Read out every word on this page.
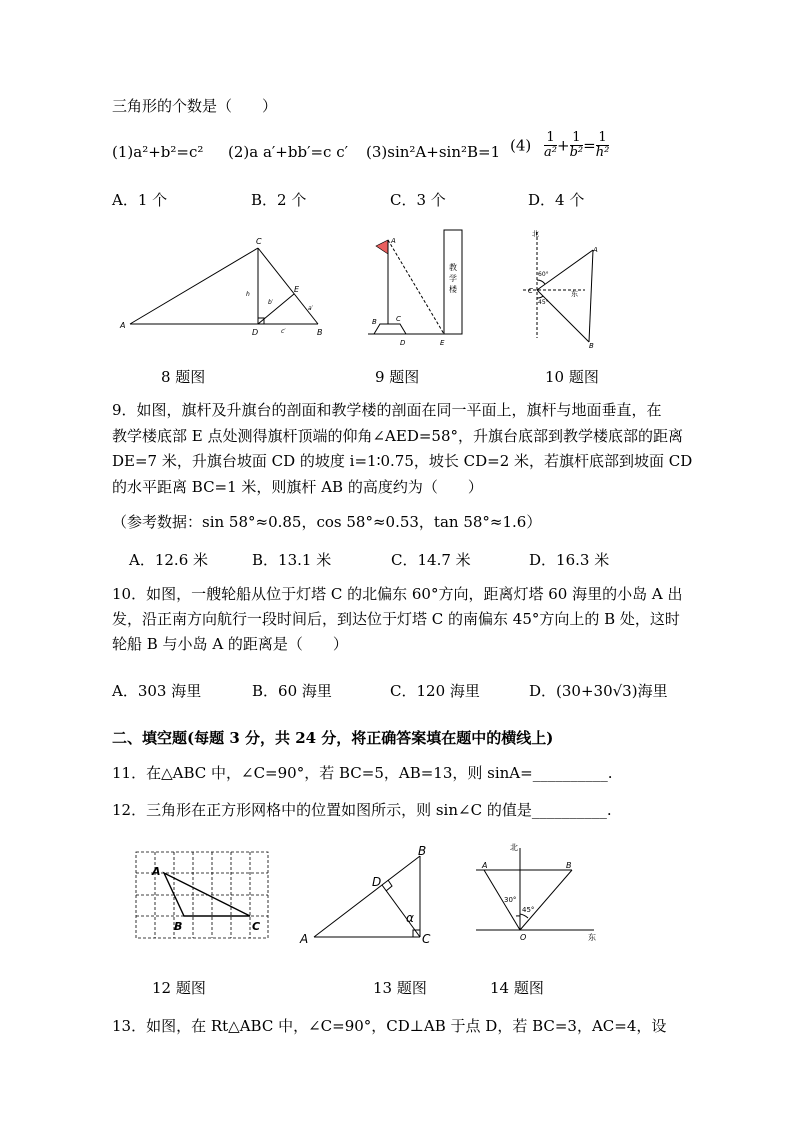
三角形的个数是（　　）
(1)a²+b²=c² (2)a a′+bb′=c c′ (3)sin²A+sin²B=1 $(4) \frac{1}{\text{a²}} + \frac{1}{\text{b²}} = \frac{1}{\text{h²}}$
A．1 个	B．2 个	C．3 个	D．4 个
C
A
D	B
E
h
b′
a′
c′
8 题图
A
B	C
D	E
教
学
楼
9 题图
北
A
60°
C
45°
东
B
10 题图
9．如图，旗杆及升旗台的剖面和教学楼的剖面在同一平面上，旗杆与地面垂直，在
教学楼底部 E 点处测得旗杆顶端的仰角∠AED=58°，升旗台底部到教学楼底部的距离
DE=7 米，升旗台坡面 CD 的坡度 i=1∶0.75，坡长 CD=2 米，若旗杆底部到坡面 CD
的水平距离 BC=1 米，则旗杆 AB 的高度约为（　　）
（参考数据：sin 58°≈0.85，cos 58°≈0.53，tan 58°≈1.6）
A．12.6 米	B．13.1 米	C．14.7 米	D．16.3 米
10．如图，一艘轮船从位于灯塔 C 的北偏东 60°方向，距离灯塔 60 海里的小岛 A 出
发，沿正南方向航行一段时间后，到达位于灯塔 C 的南偏东 45°方向上的 B 处，这时
轮船 B 与小岛 A 的距离是（　　）
A．303 海里	B．60 海里	C．120 海里	D．(30+30√3)海里
二、填空题(每题 3 分，共 24 分，将正确答案填在题中的横线上)
11．在△ABC 中，∠C=90°，若 BC=5，AB=13，则 sinA=__________.
12．三角形在正方形网格中的位置如图所示，则 sin∠C 的值是__________.
A
B	C
12 题图
B
D
α
A	C
13 题图
北
A	B
30°
45°
O	东
14 题图
13．如图，在 Rt△ABC 中，∠C=90°，CD⊥AB 于点 D，若 BC=3，AC=4，设
